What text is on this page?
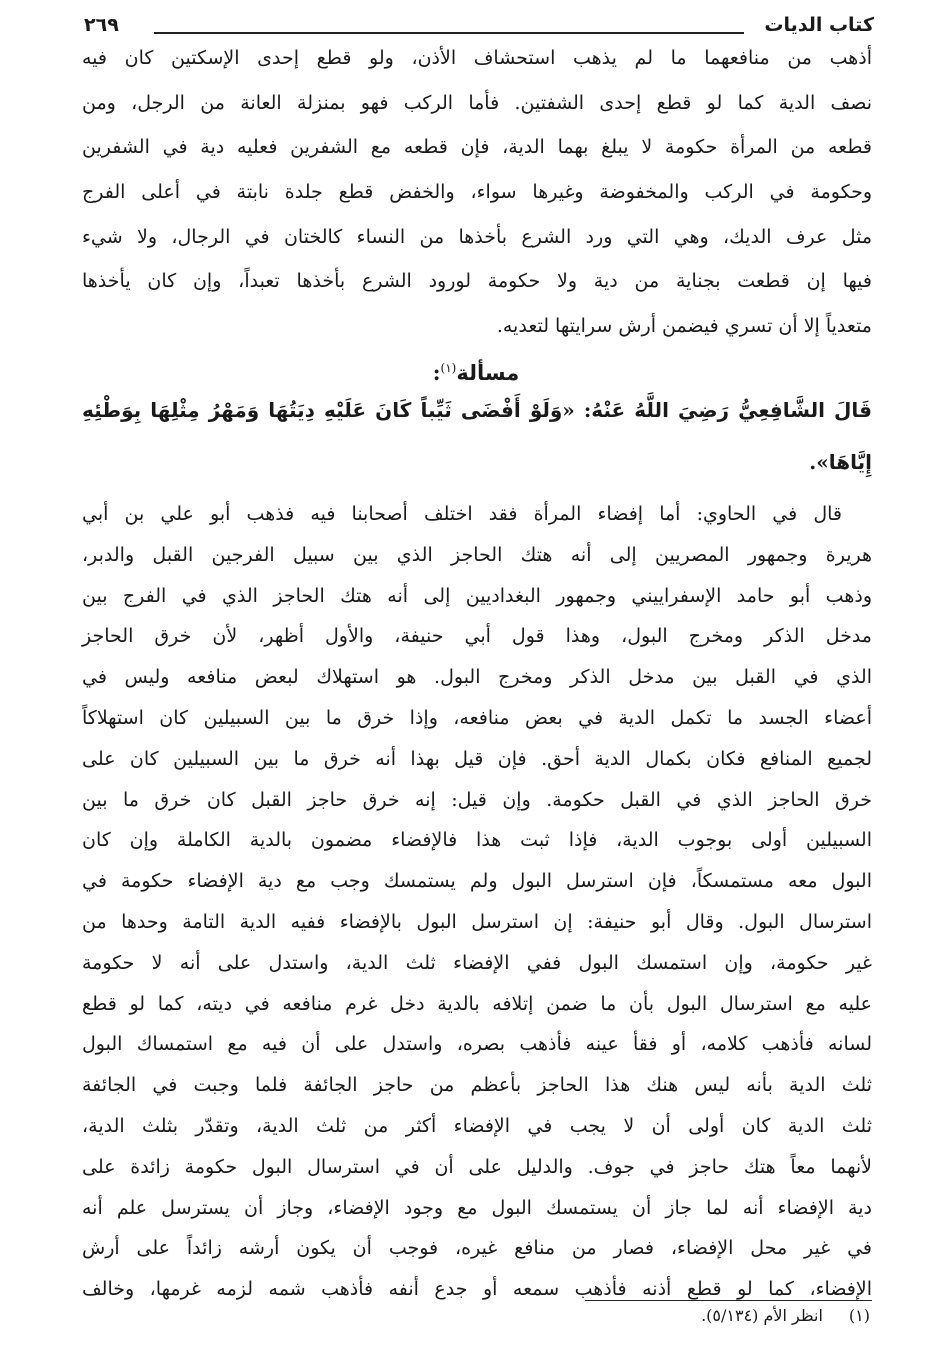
كتاب الديات
٢٦٩
أذهب من منافعهما ما لم يذهب استحشاف الأذن، ولو قطع إحدى الإسكتين كان فيه
نصف الدية كما لو قطع إحدى الشفتين. فأما الركب فهو بمنزلة العانة من الرجل، ومن
قطعه من المرأة حكومة لا يبلغ بهما الدية، فإن قطعه مع الشفرين فعليه دية في الشفرين
وحكومة في الركب والمخفوضة وغيرها سواء، والخفض قطع جلدة نابتة في أعلى الفرج
مثل عرف الديك، وهي التي ورد الشرع بأخذها من النساء كالختان في الرجال، ولا شيء
فيها إن قطعت بجناية من دية ولا حكومة لورود الشرع بأخذها تعبداً، وإن كان يأخذها
متعدياً إلا أن تسري فيضمن أرش سرايتها لتعديه.
مسألة$^{(١)}$:
قَالَ الشَّافِعِيُّ رَضِيَ اللَّهُ عَنْهُ: «وَلَوْ أَفْضَى ثَيِّباً كَانَ عَلَيْهِ دِيَتُهَا وَمَهْرُ مِثْلِهَا بِوَطْئِهِ
إِيَّاهَا».
قال في الحاوي: أما إفضاء المرأة فقد اختلف أصحابنا فيه فذهب أبو علي بن أبي
هريرة وجمهور المصريين إلى أنه هتك الحاجز الذي بين سبيل الفرجين القبل والدبر،
وذهب أبو حامد الإسفراييني وجمهور البغداديين إلى أنه هتك الحاجز الذي في الفرج بين
مدخل الذكر ومخرج البول، وهذا قول أبي حنيفة، والأول أظهر، لأن خرق الحاجز
الذي في القبل بين مدخل الذكر ومخرج البول. هو استهلاك لبعض منافعه وليس في
أعضاء الجسد ما تكمل الدية في بعض منافعه، وإذا خرق ما بين السبيلين كان استهلاكاً
لجميع المنافع فكان بكمال الدية أحق. فإن قيل بهذا أنه خرق ما بين السبيلين كان على
خرق الحاجز الذي في القبل حكومة. وإن قيل: إنه خرق حاجز القبل كان خرق ما بين
السبيلين أولى بوجوب الدية، فإذا ثبت هذا فالإفضاء مضمون بالدية الكاملة وإن كان
البول معه مستمسكاً، فإن استرسل البول ولم يستمسك وجب مع دية الإفضاء حكومة في
استرسال البول. وقال أبو حنيفة: إن استرسل البول بالإفضاء ففيه الدية التامة وحدها من
غير حكومة، وإن استمسك البول ففي الإفضاء ثلث الدية، واستدل على أنه لا حكومة
عليه مع استرسال البول بأن ما ضمن إتلافه بالدية دخل غرم منافعه في ديته، كما لو قطع
لسانه فأذهب كلامه، أو فقأ عينه فأذهب بصره، واستدل على أن فيه مع استمساك البول
ثلث الدية بأنه ليس هنك هذا الحاجز بأعظم من حاجز الجائفة فلما وجبت في الجائفة
ثلث الدية كان أولى أن لا يجب في الإفضاء أكثر من ثلث الدية، وتقدّر بثلث الدية،
لأنهما معاً هتك حاجز في جوف. والدليل على أن في استرسال البول حكومة زائدة على
دية الإفضاء أنه لما جاز أن يستمسك البول مع وجود الإفضاء، وجاز أن يسترسل علم أنه
في غير محل الإفضاء، فصار من منافع غيره، فوجب أن يكون أرشه زائداً على أرش
الإفضاء، كما لو قطع أذنه فأذهب سمعه أو جدع أنفه فأذهب شمه لزمه غرمها، وخالف
(١)انظر الأم (٥/١٣٤).
